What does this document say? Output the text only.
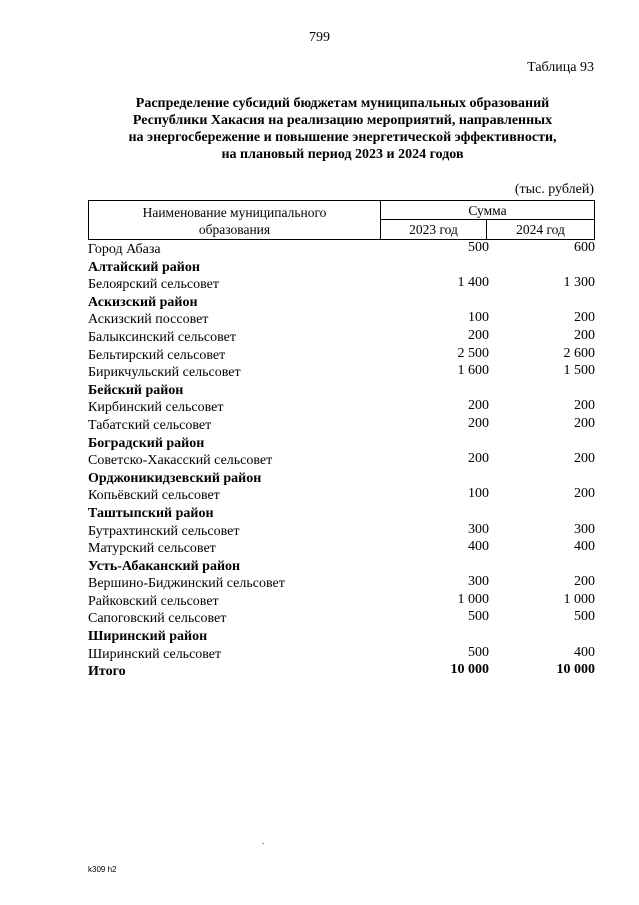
799
Таблица 93
Распределение субсидий бюджетам муниципальных образований
Республики Хакасия на реализацию мероприятий, направленных
на энергосбережение и повышение энергетической эффективности,
на плановый период 2023 и 2024 годов
(тыс. рублей)
Наименование муниципального
образования
Сумма
2023 год	2024 год
Город Абаза	500	600
Алтайский район
Белоярский сельсовет	1 400	1 300
Аскизский район
Аскизский поссовет	100	200
Балыксинский сельсовет	200	200
Бельтирский сельсовет	2 500	2 600
Бирикчульский сельсовет	1 600	1 500
Бейский район
Кирбинский сельсовет	200	200
Табатский сельсовет	200	200
Боградский район
Советско-Хакасский сельсовет	200	200
Орджоникидзевский район
Копьёвский сельсовет	100	200
Таштыпский район
Бутрахтинский сельсовет	300	300
Матурский сельсовет	400	400
Усть-Абаканский район
Вершино-Биджинский сельсовет	300	200
Райковский сельсовет	1 000	1 000
Сапоговский сельсовет	500	500
Ширинский район
Ширинский сельсовет	500	400
Итого	10 000	10 000
k309 h2
